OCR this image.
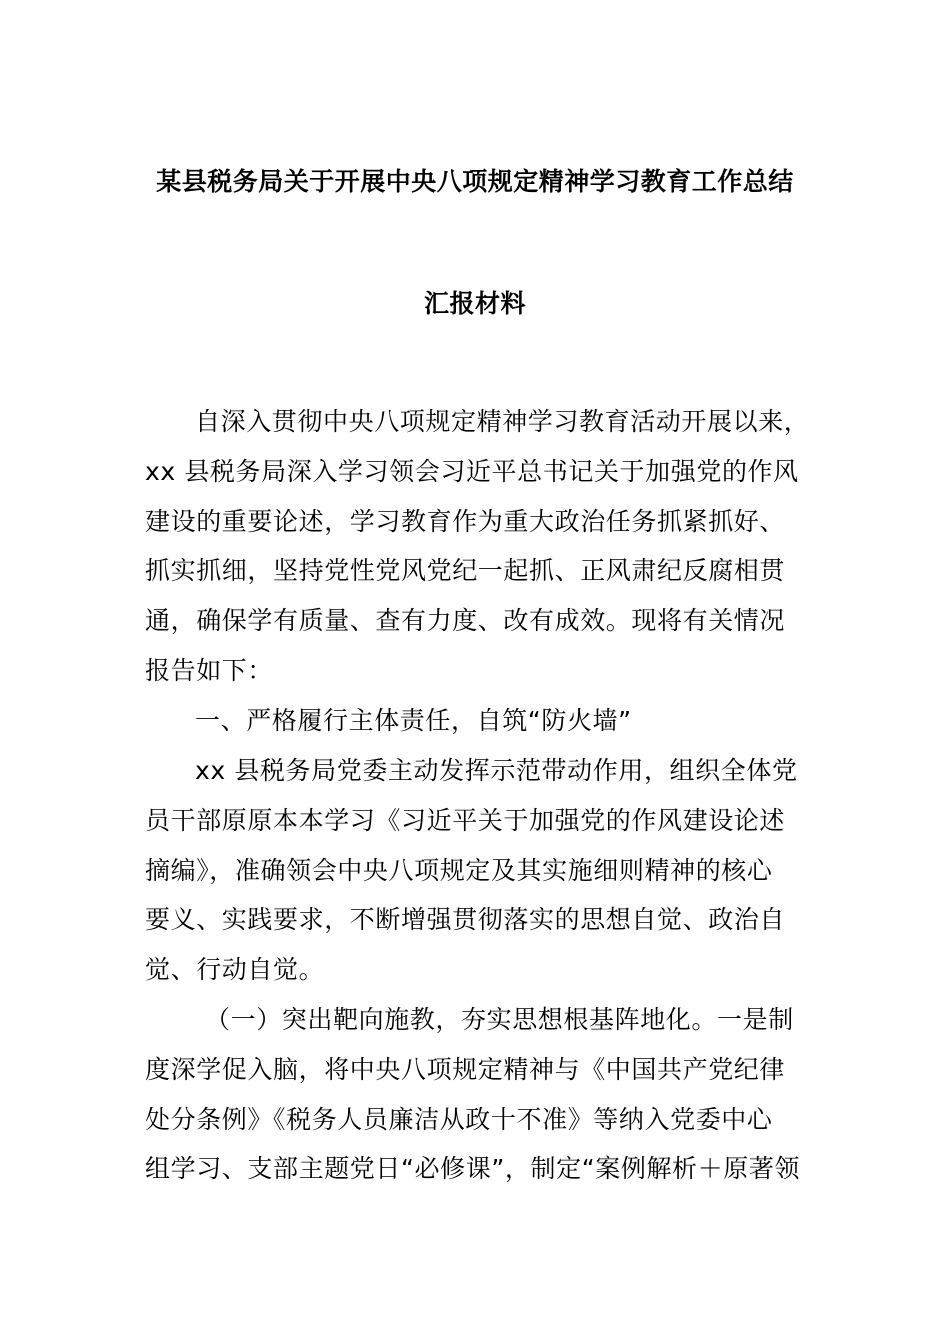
某县税务局关于开展中央八项规定精神学习教育工作总结
汇报材料
自深入贯彻中央八项规定精神学习教育活动开展以来，
xx 县税务局深入学习领会习近平总书记关于加强党的作风
建设的重要论述，学习教育作为重大政治任务抓紧抓好、
抓实抓细，坚持党性党风党纪一起抓、正风肃纪反腐相贯
通，确保学有质量、查有力度、改有成效。现将有关情况
报告如下：
一、严格履行主体责任，自筑“防火墙”
xx 县税务局党委主动发挥示范带动作用，组织全体党
员干部原原本本学习《习近平关于加强党的作风建设论述
摘编》，准确领会中央八项规定及其实施细则精神的核心
要义、实践要求，不断增强贯彻落实的思想自觉、政治自
觉、行动自觉。
（一）突出靶向施教，夯实思想根基阵地化。一是制
度深学促入脑，将中央八项规定精神与《中国共产党纪律
处分条例》《税务人员廉洁从政十不准》等纳入党委中心
组学习、支部主题党日“必修课”，制定“案例解析＋原著领
